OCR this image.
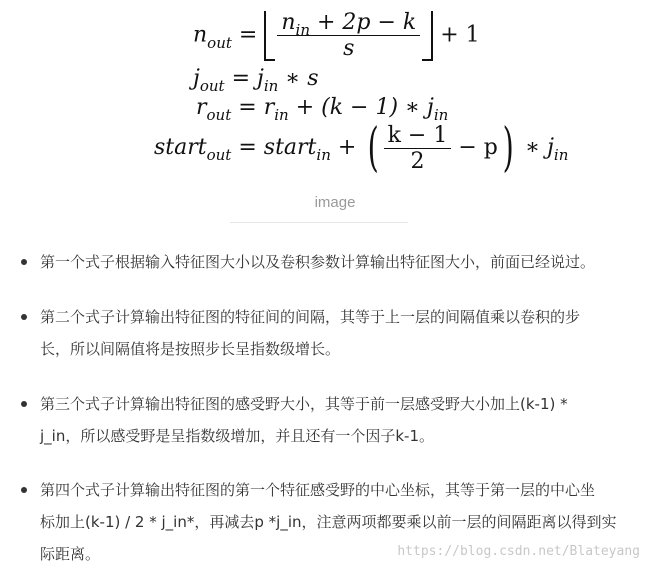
$n_{out} = \frac{n_{in} + 2p - k}{s} + 1$
$j_{out} = j_{in}$ ∗ s
$r_{out} = r_{in} + (k - 1)$ ∗ $j_{in}$
start$_{out}$ = start$_{in}$ + ( $\frac{k - 1}{2} - p$) ∗ $j_{in}$
image
第一个式子根据输入特征图大小以及卷积参数计算输出特征图大小，前面已经说过。
第二个式子计算输出特征图的特征间的间隔，其等于上一层的间隔值乘以卷积的步
长，所以间隔值将是按照步长呈指数级增长。
第三个式子计算输出特征图的感受野大小，其等于前一层感受野大小加上(k-1) *
j_in，所以感受野是呈指数级增加，并且还有一个因子k-1。
第四个式子计算输出特征图的第一个特征感受野的中心坐标，其等于第一层的中心坐
标加上(k-1) / 2 * j_in*，再减去p *j_in，注意两项都要乘以前一层的间隔距离以得到实
际距离。	https://blog.csdn.net/Blateyang
